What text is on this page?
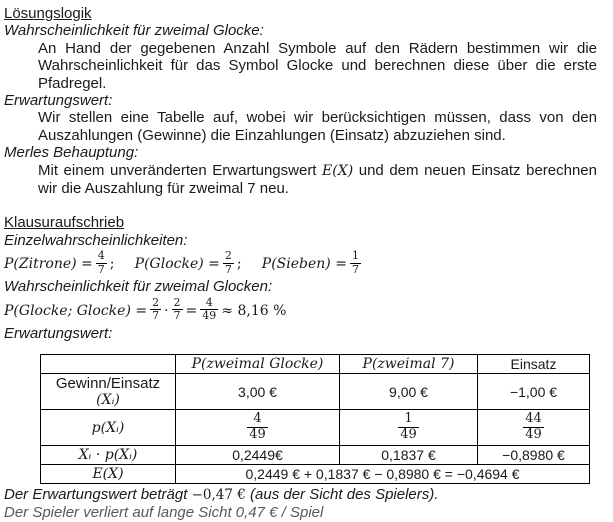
Lösungslogik
Wahrscheinlichkeit für zweimal Glocke:

An Hand der gegebenen Anzahl Symbole auf den Rädern bestimmen wir die Wahrscheinlichkeit für das Symbol Glocke und berechnen diese über die erste Pfadregel.

Erwartungswert:

Wir stellen eine Tabelle auf, wobei wir berücksichtigen müssen, dass von den Auszahlungen (Gewinne) die Einzahlungen (Einsatz) abzuziehen sind.

Merles Behauptung:

Mit einem unveränderten Erwartungswert E(X) und dem neuen Einsatz berechnen wir die Auszahlung für zweimal 7 neu.

Klausuraufschrieb
Einzelwahrscheinlichkeiten:
P(Zitrone) = $\frac{4}{7}$ ; P(Glocke) = $\frac{2}{7}$ ; P(Sieben) = $\frac{1}{7}$
Wahrscheinlichkeit für zweimal Glocken:
P(Glocke; Glocke) = $\frac{2}{7} \cdot \frac{2}{7} = \frac{4}{49} \approx 8,16$ %
Erwartungswert:
	P(zweimal Glocke)	P(zweimal 7)	Einsatz
Gewinn/Einsatz
(Xᵢ)	3,00 €	9,00 €	−1,00 €
p(Xᵢ)	$\frac{4}{49}$	$\frac{1}{49}$	$\frac{44}{49}$

Xᵢ · p(Xᵢ)	0,2449€	0,1837 €	−0,8980 €
E(X)	0,2449 € + 0,1837 € − 0,8980 € = −0,4694 €		
Der Erwartungswert beträgt −0,47 € (aus der Sicht des Spielers).
Der Spieler verliert auf lange Sicht 0,47 € / Spiel
